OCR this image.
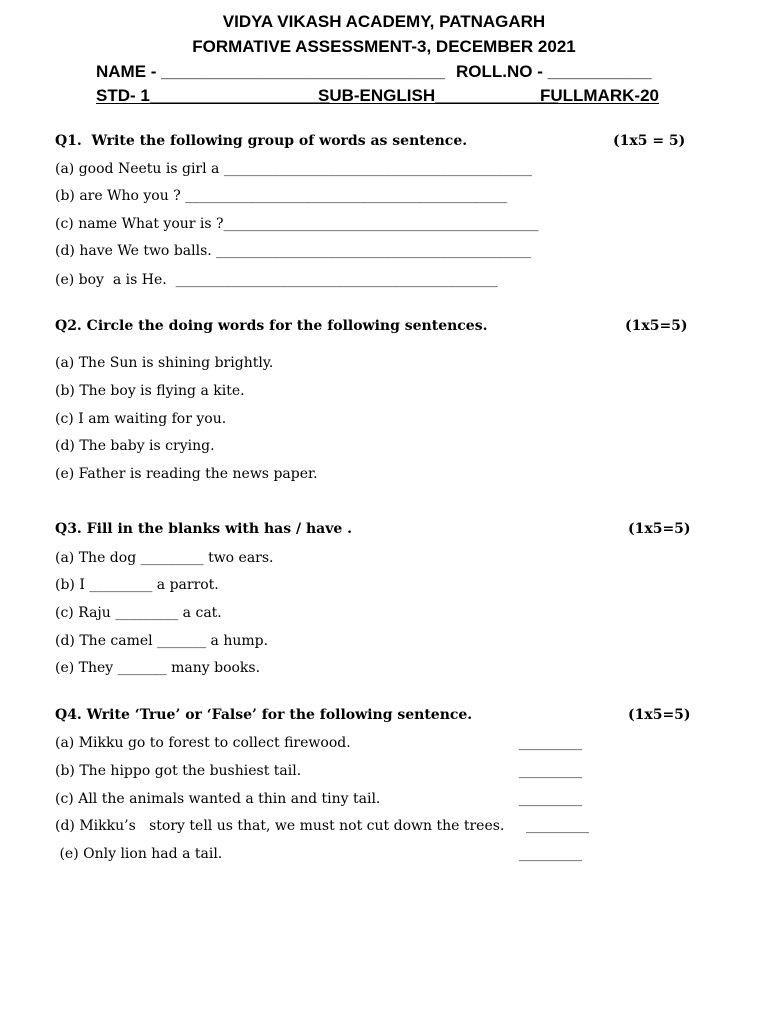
VIDYA VIKASH ACADEMY, PATNAGARH
FORMATIVE ASSESSMENT-3, DECEMBER 2021
NAME - ______________________________ ROLL.NO - ___________
STD- 1___________________
SUB-ENGLISH_____________
FULLMARK-20
Q1.  Write the following group of words as sentence.	(1x5 = 5)
(a) good Neetu is girl a ____________________________________________
(b) are Who you ? ______________________________________________
(c) name What your is ?_____________________________________________
(d) have We two balls. _____________________________________________
(e) boy  a is He.  ______________________________________________
Q2. Circle the doing words for the following sentences.	(1x5=5)
(a) The Sun is shining brightly.
(b) The boy is flying a kite.
(c) I am waiting for you.
(d) The baby is crying.
(e) Father is reading the news paper.
Q3. Fill in the blanks with has / have .	(1x5=5)
(a) The dog _________ two ears.
(b) I _________ a parrot.
(c) Raju _________ a cat.
(d) The camel _______ a hump.
(e) They _______ many books.
Q4. Write ‘True’ or ‘False’ for the following sentence.	(1x5=5)
(a) Mikku go to forest to collect firewood.	_________
(b) The hippo got the bushiest tail.	_________
(c) All the animals wanted a thin and tiny tail.	_________
(d) Mikku’s   story tell us that, we must not cut down the trees. _________
(e) Only lion had a tail.	_________
